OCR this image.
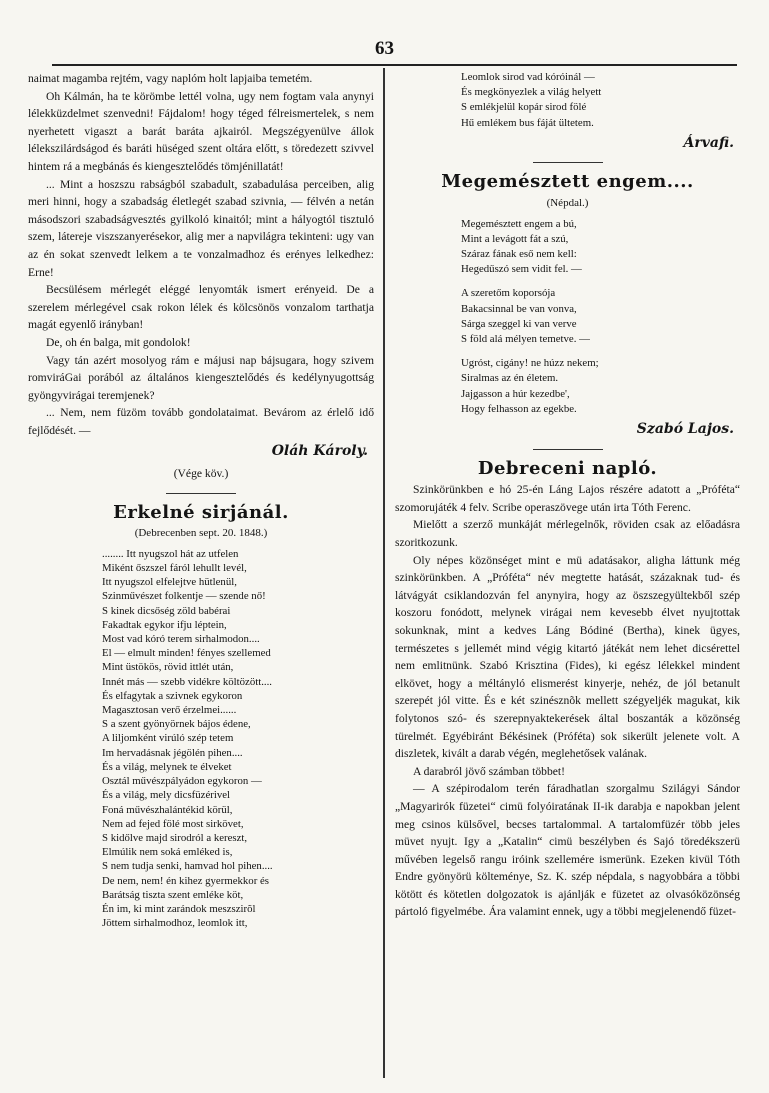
63

naimat magamba rejtém, vagy naplóm holt lapjaiba temetém.

Oh Kálmán, ha te körömbe lettél volna, ugy nem fogtam vala anynyi lélekküzdelmet szenvedni! Fájdalom! hogy téged félreismertelek, s nem nyerhetett vigaszt a barát baráta ajkairól. Megszégyenülve állok lélekszilárdságod és baráti hüséged szent oltára előtt, s töredezett szivvel hintem rá a megbánás és kiengesztelődés tömjénillatát!

... Mint a hoszszu rabságból szabadult, szabadulása perceiben, alig meri hinni, hogy a szabadság életlegét szabad szivnia, — félvén a netán másodszori szabadságvesztés gyilkoló kinaitól; mint a hályogtól tisztuló szem, látereje viszszanyerésekor, alig mer a napvilágra tekinteni: ugy van az én sokat szenvedt lelkem a te vonzalmadhoz és erényes lelkedhez: Erne!

Becsülésem mérlegét eléggé lenyomták ismert erényeid. De a szerelem mérlegével csak rokon lélek és kölcsönös vonzalom tarthatja magát egyenlő irányban!

De, oh én balga, mit gondolok!

Vagy tán azért mosolyog rám e májusi nap bájsugara, hogy szivem romviráGai porából az általános kiengesztelődés és kedélynyugottság gyöngyvirágai teremjenek?

... Nem, nem füzöm tovább gondolataimat. Bevárom az érlelő idő fejlődését. —

Oláh Károly.

(Vége köv.)

Erkelné sirjánál.
(Debrecenben sept. 20. 1848.)
........ Itt nyugszol hát az utfelen
Miként őszszel fáról lehullt levél,
Itt nyugszol elfelejtve hütlenül,
Szinművészet folkentje — szende nő!
S kinek dicsőség zöld babérai
Fakadtak egykor ifju léptein,
Most vad kóró terem sirhalmodon....
El — elmult minden! fényes szellemed
Mint üstökös, rövid ittlét után,
Innét más — szebb vidékre költözött....
És elfagytak a szivnek egykoron
Magasztosan verő érzelmei......
S a szent gyönyörnek bájos édene,
A liljomként virúló szép tetem
Im hervadásnak jégölén pihen....
És a világ, melynek te élveket
Osztál művészpályádon egykoron —
És a világ, mely dicsfüzérivel
Foná művészhalántékid körül,
Nem ad fejed fölé most sirkövet,
S kidőlve majd sirodról a kereszt,
Elmúlik nem soká emléked is,
S nem tudja senki, hamvad hol pihen....
De nem, nem! én kihez gyermekkor és
Barátság tiszta szent emléke köt,
Én im, ki mint zarándok meszszirõl
Jöttem sirhalmodhoz, leomlok itt,
Leomlok sirod vad kóróinál —
És megkönyezlek a világ helyett
S emlékjelül kopár sirod fölé
Hű emlékem bus fáját ültetem.
Árvafi.
Megemésztett engem....
(Népdal.)
Megemésztett engem a bú,
Mint a levágott fát a szú,
Száraz fának eső nem kell:
Hegedűszó sem vidit fel. —
A szeretőm koporsója
Bakacsinnal be van vonva,
Sárga szeggel ki van verve
S föld alá mélyen temetve. —
Ugróst, cigány! ne húzz nekem;
Siralmas az én életem.
Jajgasson a húr kezedbe',
Hogy felhasson az egekbe.
Szabó Lajos.
Debreceni napló.

Szinkörünkben e hó 25-én Láng Lajos részére adatott a „Próféta“ szomorujáték 4 felv. Scribe operaszövege után irta Tóth Ferenc.

Mielőtt a szerző munkáját mérlegelnők, röviden csak az előadásra szoritkozunk.

Oly népes közönséget mint e mü adatásakor, aligha láttunk még szinkörünkben. A „Próféta“ név megtette hatását, százaknak tud- és látvágyát csiklandozván fel anynyira, hogy az öszszegyültekből szép koszoru fonódott, melynek virágai nem kevesebb élvet nyujtottak sokunknak, mint a kedves Láng Bódiné (Bertha), kinek ügyes, természetes s jellemét mind végig kitartó játékát nem lehet dicsérettel nem emlitnünk. Szabó Krisztina (Fides), ki egész lélekkel mindent elkövet, hogy a méltányló elismerést kinyerje, nehéz, de jól betanult szerepét jól vitte. És e két szinésznõk mellett szégyeljék magukat, kik folytonos szó- és szerepnyaktekerések által boszanták a közönség türelmét. Egyébiránt Békésinek (Próféta) sok sikerült jelenete volt. A diszletek, kivált a darab végén, meglehetősek valának.

A darabról jövő számban többet!

— A szépirodalom terén fáradhatlan szorgalmu Szilágyi Sándor „Magyarirók füzetei“ cimü folyóiratának II-ik darabja e napokban jelent meg csinos külsővel, becses tartalommal. A tartalomfüzér több jeles müvet nyujt. Igy a „Katalin“ cimü beszélyben és Sajó töredékszerü művében legelső rangu iróink szellemére ismerünk. Ezeken kivül Tóth Endre gyönyörü költeménye, Sz. K. szép népdala, s nagyobbára a többi kötött és kötetlen dolgozatok is ajánlják e füzetet az olvasóközönség pártoló figyelmébe. Ára valamint ennek, ugy a többi megjelenendő füzet-
